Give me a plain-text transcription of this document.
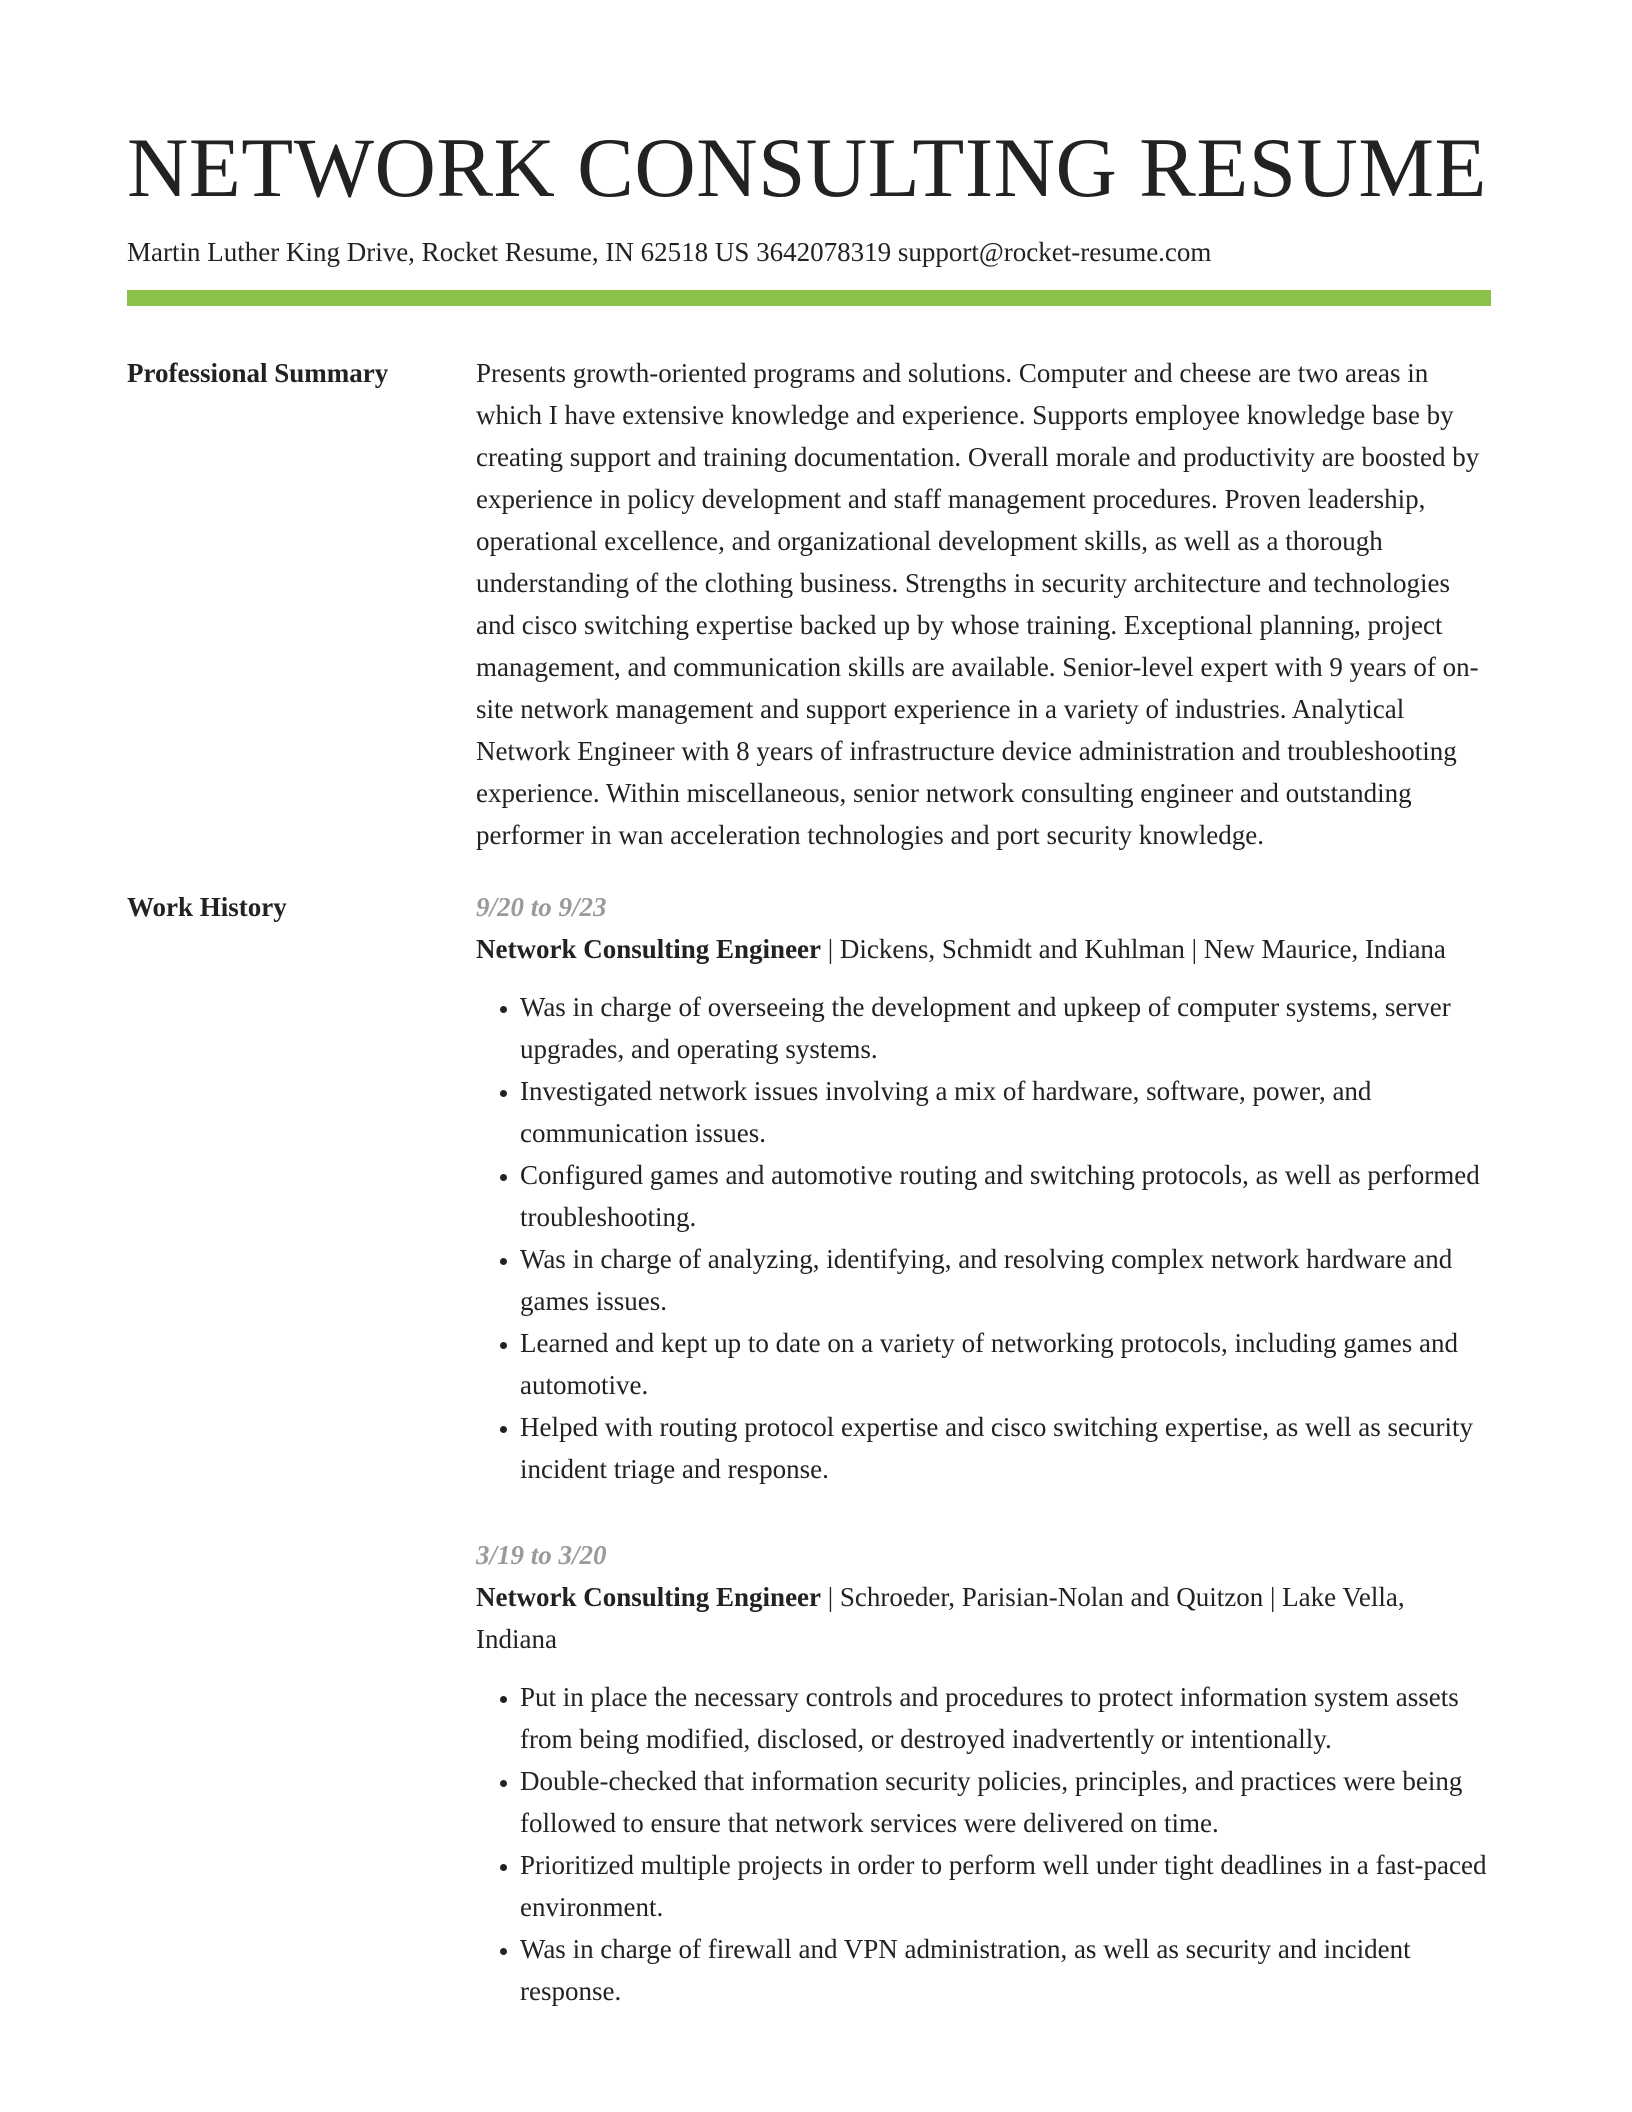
NETWORK CONSULTING RESUME
Martin Luther King Drive, Rocket Resume, IN 62518 US 3642078319 support@rocket-resume.com
Professional Summary	Presents growth-oriented programs and solutions. Computer and cheese are two areas in which I have extensive knowledge and experience. Supports employee knowledge base by creating support and training documentation. Overall morale and productivity are boosted by experience in policy development and staff management procedures. Proven leadership, operational excellence, and organizational development skills, as well as a thorough understanding of the clothing business. Strengths in security architecture and technologies and cisco switching expertise backed up by whose training. Exceptional planning, project management, and communication skills are available. Senior-level expert with 9 years of on-site network management and support experience in a variety of industries. Analytical Network Engineer with 8 years of infrastructure device administration and troubleshooting experience. Within miscellaneous, senior network consulting engineer and outstanding performer in wan acceleration technologies and port security knowledge.

Work History	9/20 to 9/23
Network Consulting Engineer | Dickens, Schmidt and Kuhlman | New Maurice, Indiana
• Was in charge of overseeing the development and upkeep of computer systems, server upgrades, and operating systems.
• Investigated network issues involving a mix of hardware, software, power, and communication issues.
• Configured games and automotive routing and switching protocols, as well as performed troubleshooting.
• Was in charge of analyzing, identifying, and resolving complex network hardware and games issues.
• Learned and kept up to date on a variety of networking protocols, including games and automotive.
• Helped with routing protocol expertise and cisco switching expertise, as well as security incident triage and response.
3/19 to 3/20
Network Consulting Engineer | Schroeder, Parisian-Nolan and Quitzon | Lake Vella, Indiana
• Put in place the necessary controls and procedures to protect information system assets from being modified, disclosed, or destroyed inadvertently or intentionally.
• Double-checked that information security policies, principles, and practices were being followed to ensure that network services were delivered on time.
• Prioritized multiple projects in order to perform well under tight deadlines in a fast-paced environment.
• Was in charge of firewall and VPN administration, as well as security and incident response.
